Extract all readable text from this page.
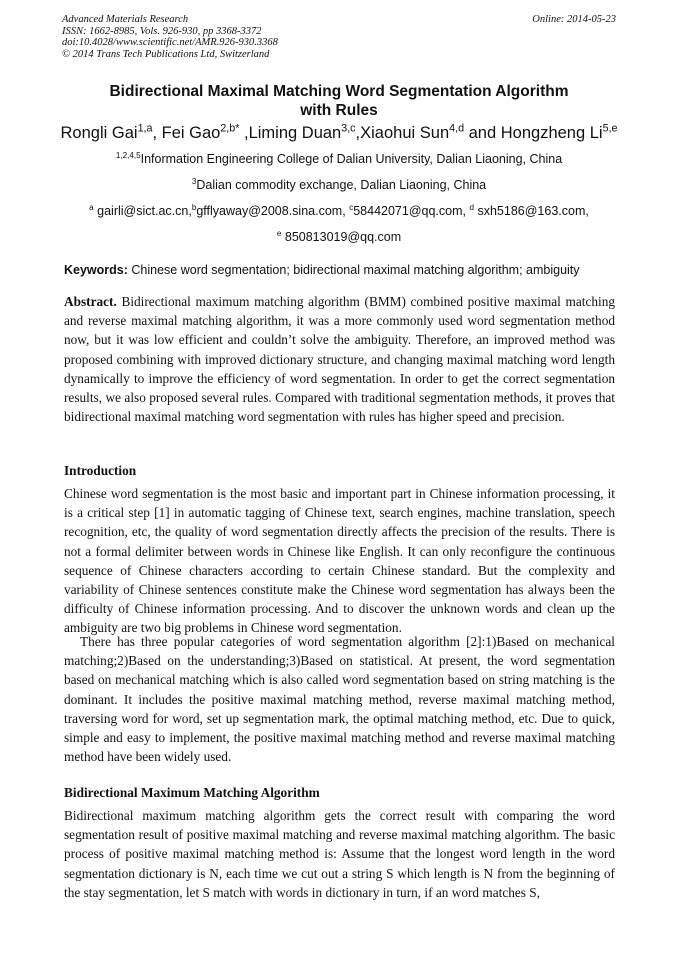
Advanced Materials Research
ISSN: 1662-8985, Vols. 926-930, pp 3368-3372
doi:10.4028/www.scientific.net/AMR.926-930.3368
© 2014 Trans Tech Publications Ltd, Switzerland
Online: 2014-05-23
Bidirectional Maximal Matching Word Segmentation Algorithm
with Rules
Rongli Gai$^{1,a}$, Fei Gao$^{2,b*}$ ,Liming Duan$^{3,c}$,Xiaohui Sun$^{4,d}$ and Hongzheng Li$^{5,e}$
$^{1,2,4,5}$Information Engineering College of Dalian University, Dalian Liaoning, China
$^3$Dalian commodity exchange, Dalian Liaoning, China
$^a$ gairli@sict.ac.cn,$^b$gfflyaway@2008.sina.com, $^c$58442071@qq.com, $^d$ sxh5186@163.com,
$^e$ 850813019@qq.com
Keywords: Chinese word segmentation; bidirectional maximal matching algorithm; ambiguity
Abstract. Bidirectional maximum matching algorithm (BMM) combined positive maximal matching and reverse maximal matching algorithm, it was a more commonly used word segmentation method now, but it was low efficient and couldn’t solve the ambiguity. Therefore, an improved method was proposed combining with improved dictionary structure, and changing maximal matching word length dynamically to improve the efficiency of word segmentation. In order to get the correct segmentation results, we also proposed several rules. Compared with traditional segmentation methods, it proves that bidirectional maximal matching word segmentation with rules has higher speed and precision.
Introduction
Chinese word segmentation is the most basic and important part in Chinese information processing, it is a critical step [1] in automatic tagging of Chinese text, search engines, machine translation, speech recognition, etc, the quality of word segmentation directly affects the precision of the results. There is not a formal delimiter between words in Chinese like English. It can only reconfigure the continuous sequence of Chinese characters according to certain Chinese standard. But the complexity and variability of Chinese sentences constitute make the Chinese word segmentation has always been the difficulty of Chinese information processing. And to discover the unknown words and clean up the ambiguity are two big problems in Chinese word segmentation.
There has three popular categories of word segmentation algorithm [2]:1)Based on mechanical matching;2)Based on the understanding;3)Based on statistical. At present, the word segmentation based on mechanical matching which is also called word segmentation based on string matching is the dominant. It includes the positive maximal matching method, reverse maximal matching method, traversing word for word, set up segmentation mark, the optimal matching method, etc. Due to quick, simple and easy to implement, the positive maximal matching method and reverse maximal matching method have been widely used.
Bidirectional Maximum Matching Algorithm
Bidirectional maximum matching algorithm gets the correct result with comparing the word segmentation result of positive maximal matching and reverse maximal matching algorithm. The basic process of positive maximal matching method is: Assume that the longest word length in the word segmentation dictionary is N, each time we cut out a string S which length is N from the beginning of the stay segmentation, let S match with words in dictionary in turn, if an word matches S,
